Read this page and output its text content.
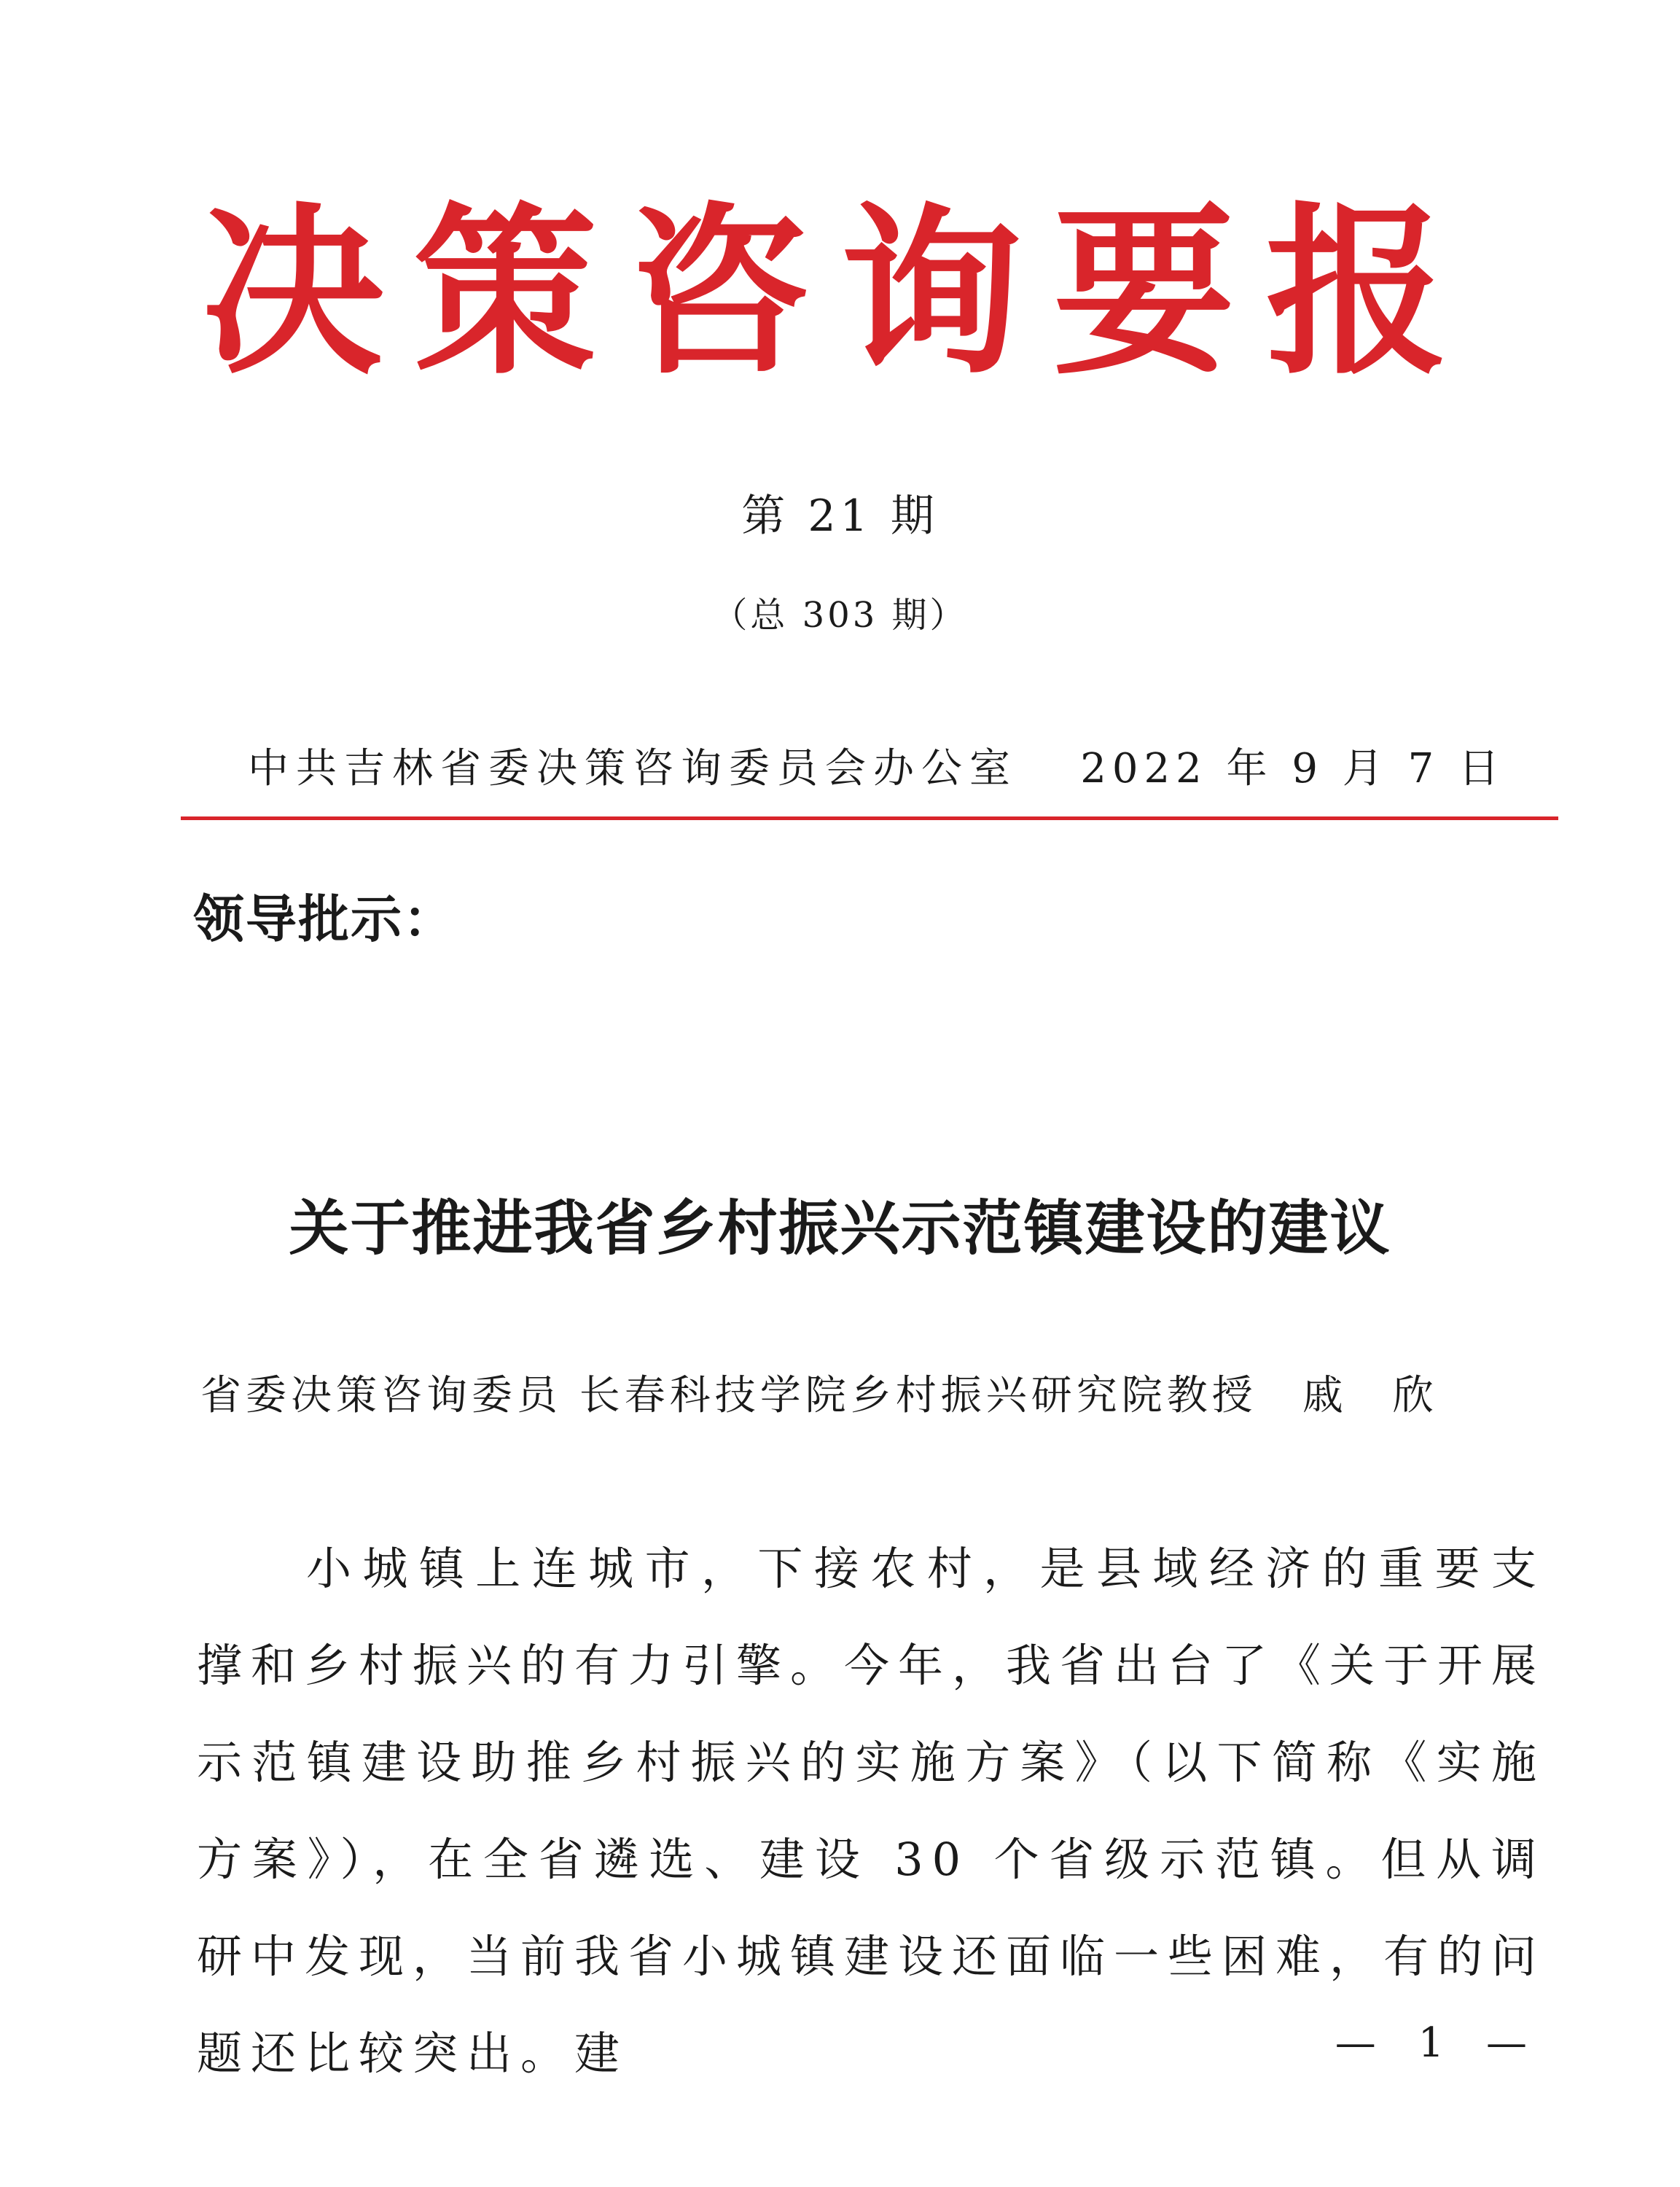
决策咨询要报
第 21 期
（总 303 期）
中共吉林省委决策咨询委员会办公室 2022 年 9 月 7 日
领导批示：
关于推进我省乡村振兴示范镇建设的建议
省委决策咨询委员 长春科技学院乡村振兴研究院教授　戚　欣

小城镇上连城市，下接农村，是县域经济的重要支撑和乡村振兴的有力引擎。今年，我省出台了《关于开展示范镇建设助推乡村振兴的实施方案》（以下简称《实施方案》），在全省遴选、建设 30 个省级示范镇。但从调研中发现，当前我省小城镇建设还面临一些困难，有的问题还比较突出。建	— 1 —
